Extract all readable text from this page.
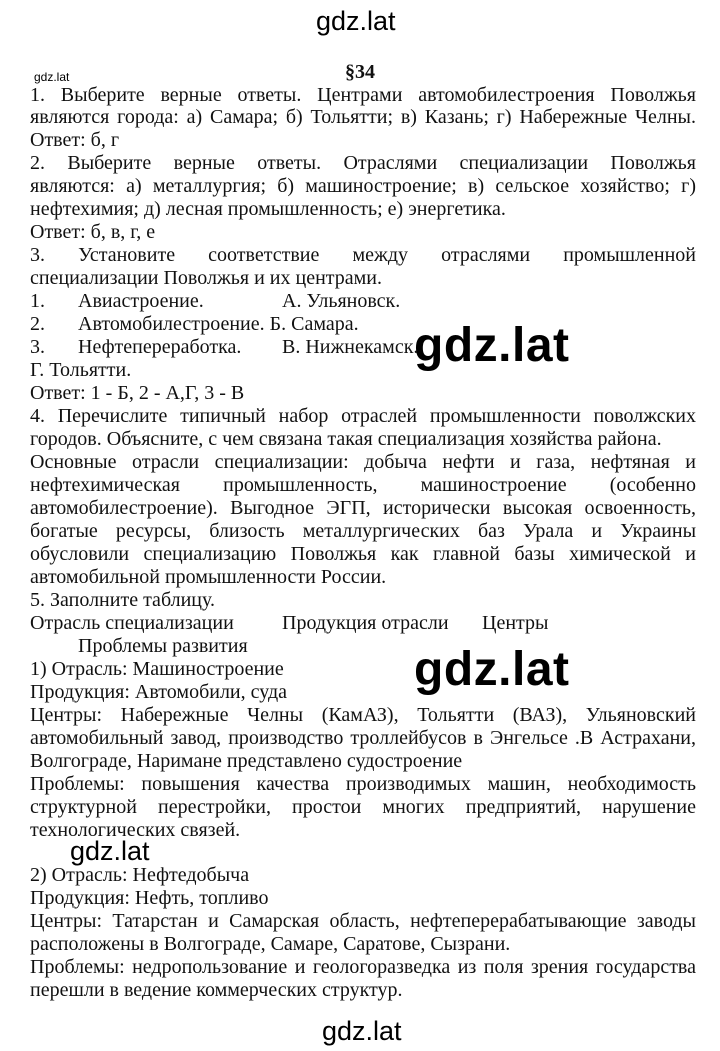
gdz.lat
gdz.lat
gdz.lat
gdz.lat
gdz.lat
gdz.lat
§34
1. Выберите верные ответы. Центрами автомобилестроения Поволжья
являются города: а) Самара; б) Тольятти; в) Казань; г) Набережные Челны.
Ответ: б, г
2. Выберите верные ответы. Отраслями специализации Поволжья
являются: а) металлургия; б) машиностроение; в) сельское хозяйство; г)
нефтехимия; д) лесная промышленность; е) энергетика.
Ответ: б, в, г, е
3. Установите соответствие между отраслями промышленной
специализации Поволжья и их центрами.
1. Авиастроение.	А. Ульяновск.
2. Автомобилестроение. Б. Самара.
3. Нефтепереработка. В. Нижнекамск.
Г. Тольятти.
Ответ: 1 - Б, 2 - А,Г, 3 - В
4. Перечислите типичный набор отраслей промышленности поволжских
городов. Объясните, с чем связана такая специализация хозяйства района.
Основные отрасли специализации: добыча нефти и газа, нефтяная и
нефтехимическая промышленность, машиностроение (особенно
автомобилестроение). Выгодное ЭГП, исторически высокая освоенность,
богатые ресурсы, близость металлургических баз Урала и Украины
обусловили специализацию Поволжья как главной базы химической и
автомобильной промышленности России.
5. Заполните таблицу.
Отрасль специализации Продукция отрасли Центры
Проблемы развития
1) Отрасль: Машиностроение
Продукция: Автомобили, суда
Центры: Набережные Челны (КамАЗ), Тольятти (ВАЗ), Ульяновский
автомобильный завод, производство троллейбусов в Энгельсе .В Астрахани,
Волгограде, Наримане представлено судостроение
Проблемы: повышения качества производимых машин, необходимость
структурной перестройки, простои многих предприятий, нарушение
технологических связей.
2) Отрасль: Нефтедобыча
Продукция: Нефть, топливо
Центры: Татарстан и Самарская область, нефтеперерабатывающие заводы
расположены в Волгограде, Самаре, Саратове, Сызрани.
Проблемы: недропользование и геологоразведка из поля зрения государства
перешли в ведение коммерческих структур.
